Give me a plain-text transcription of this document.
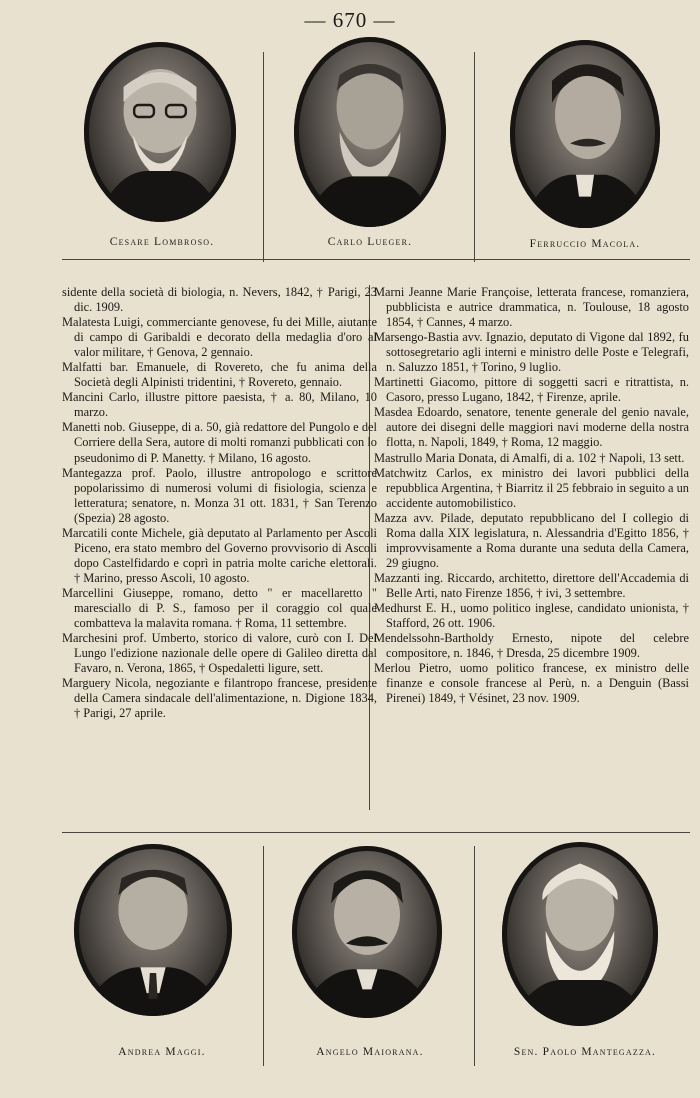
— 670 —
Cesare Lombroso.	Carlo Lueger.	Ferruccio Macola.

sidente della società di biologia, n. Nevers, 1842, † Parigi, 23 dic. 1909.

Malatesta Luigi, commerciante genovese, fu dei Mille, aiutante di campo di Garibaldi e decorato della medaglia d'oro al valor militare, † Genova, 2 gennaio.

Malfatti bar. Emanuele, di Rovereto, che fu anima della Società degli Alpinisti tridentini, † Rovereto, gennaio.

Mancini Carlo, illustre pittore paesista, † a. 80, Milano, 10 marzo.

Manetti nob. Giuseppe, di a. 50, già redattore del Pungolo e del Corriere della Sera, autore di molti romanzi pubblicati con lo pseudonimo di P. Manetty. † Milano, 16 agosto.

Mantegazza prof. Paolo, illustre antropologo e scrittore popolarissimo di numerosi volumi di fisiologia, scienza e letteratura; senatore, n. Monza 31 ott. 1831, † San Terenzo (Spezia) 28 agosto.

Marcatili conte Michele, già deputato al Parlamento per Ascoli Piceno, era stato membro del Governo provvisorio di Ascoli dopo Castelfidardo e coprì in patria molte cariche elettorali. † Marino, presso Ascoli, 10 agosto.

Marcellini Giuseppe, romano, detto " er macellaretto " maresciallo di P. S., famoso per il coraggio col quale combatteva la malavita romana. † Roma, 11 settembre.

Marchesini prof. Umberto, storico di valore, curò con I. Del Lungo l'edizione nazionale delle opere di Galileo diretta dal Favaro, n. Verona, 1865, † Ospedaletti ligure, sett.

Marguery Nicola, negoziante e filantropo francese, presidente della Camera sindacale dell'alimentazione, n. Digione 1834, † Parigi, 27 aprile.

Marni Jeanne Marie Françoise, letterata francese, romanziera, pubblicista e autrice drammatica, n. Toulouse, 18 agosto 1854, † Cannes, 4 marzo.

Marsengo-Bastia avv. Ignazio, deputato di Vigone dal 1892, fu sottosegretario agli interni e ministro delle Poste e Telegrafi, n. Saluzzo 1851, † Torino, 9 luglio.

Martinetti Giacomo, pittore di soggetti sacri e ritrattista, n. Casoro, presso Lugano, 1842, † Firenze, aprile.

Masdea Edoardo, senatore, tenente generale del genio navale, autore dei disegni delle maggiori navi moderne della nostra flotta, n. Napoli, 1849, † Roma, 12 maggio.

Mastrullo Maria Donata, di Amalfi, di a. 102 † Napoli, 13 sett.

Matchwitz Carlos, ex ministro dei lavori pubblici della repubblica Argentina, † Biarritz il 25 febbraio in seguito a un accidente automobilistico.

Mazza avv. Pilade, deputato repubblicano del I collegio di Roma dalla XIX legislatura, n. Alessandria d'Egitto 1856, † improvvisamente a Roma durante una seduta della Camera, 29 giugno.

Mazzanti ing. Riccardo, architetto, direttore dell'Accademia di Belle Arti, nato Firenze 1856, † ivi, 3 settembre.

Medhurst E. H., uomo politico inglese, candidato unionista, † Stafford, 26 ott. 1906.

Mendelssohn-Bartholdy Ernesto, nipote del celebre compositore, n. 1846, † Dresda, 25 dicembre 1909.

Merlou Pietro, uomo politico francese, ex ministro delle finanze e console francese al Perù, n. a Denguin (Bassi Pirenei) 1849, † Vésinet, 23 nov. 1909.

Andrea Maggi.	Angelo Maiorana.	Sen. Paolo Mantegazza.
